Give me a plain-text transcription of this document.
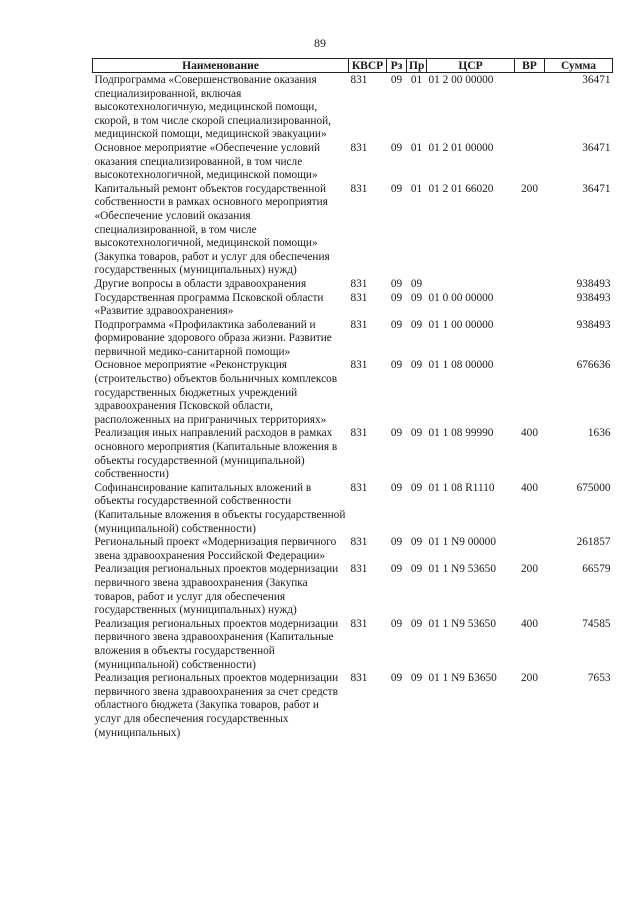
89
Наименование	КВСР	Рз	Пр	ЦСР	ВР	Сумма
Подпрограмма «Совершенствование оказания специализированной, включая высокотехнологичную, медицинской помощи, скорой, в том числе скорой специализированной, медицинской помощи, медицинской эвакуации»	831	09	01	01 2 00 00000		36471
Основное мероприятие «Обеспечение условий оказания специализированной, в том числе высокотехнологичной, медицинской помощи»	831	09	01	01 2 01 00000		36471
Капитальный ремонт объектов государственной собственности в рамках основного мероприятия «Обеспечение условий оказания специализированной, в том числе высокотехнологичной, медицинской помощи» (Закупка товаров, работ и услуг для обеспечения государственных (муниципальных) нужд)	831	09	01	01 2 01 66020	200	36471
Другие вопросы в области здравоохранения	831	09	09			938493
Государственная программа Псковской области «Развитие здравоохранения»	831	09	09	01 0 00 00000		938493
Подпрограмма «Профилактика заболеваний и формирование здорового образа жизни. Развитие первичной медико-санитарной помощи»	831	09	09	01 1 00 00000		938493
Основное мероприятие «Реконструкция (строительство) объектов больничных комплексов государственных бюджетных учреждений здравоохранения Псковской области, расположенных на приграничных территориях»	831	09	09	01 1 08 00000		676636
Реализация иных направлений расходов в рамках основного мероприятия (Капитальные вложения в объекты государственной (муниципальной) собственности)	831	09	09	01 1 08 99990	400	1636
Софинансирование капитальных вложений в объекты государственной собственности (Капитальные вложения в объекты государственной (муниципальной) собственности)	831	09	09	01 1 08 R1110	400	675000
Региональный проект «Модернизация первичного звена здравоохранения Российской Федерации»	831	09	09	01 1 N9 00000		261857
Реализация региональных проектов модернизации первичного звена здравоохранения (Закупка товаров, работ и услуг для обеспечения государственных (муниципальных) нужд)	831	09	09	01 1 N9 53650	200	66579
Реализация региональных проектов модернизации первичного звена здравоохранения (Капитальные вложения в объекты государственной (муниципальной) собственности)	831	09	09	01 1 N9 53650	400	74585
Реализация региональных проектов модернизации первичного звена здравоохранения за счет средств областного бюджета (Закупка товаров, работ и услуг для обеспечения государственных (муниципальных)	831	09	09	01 1 N9 Б3650	200	7653
